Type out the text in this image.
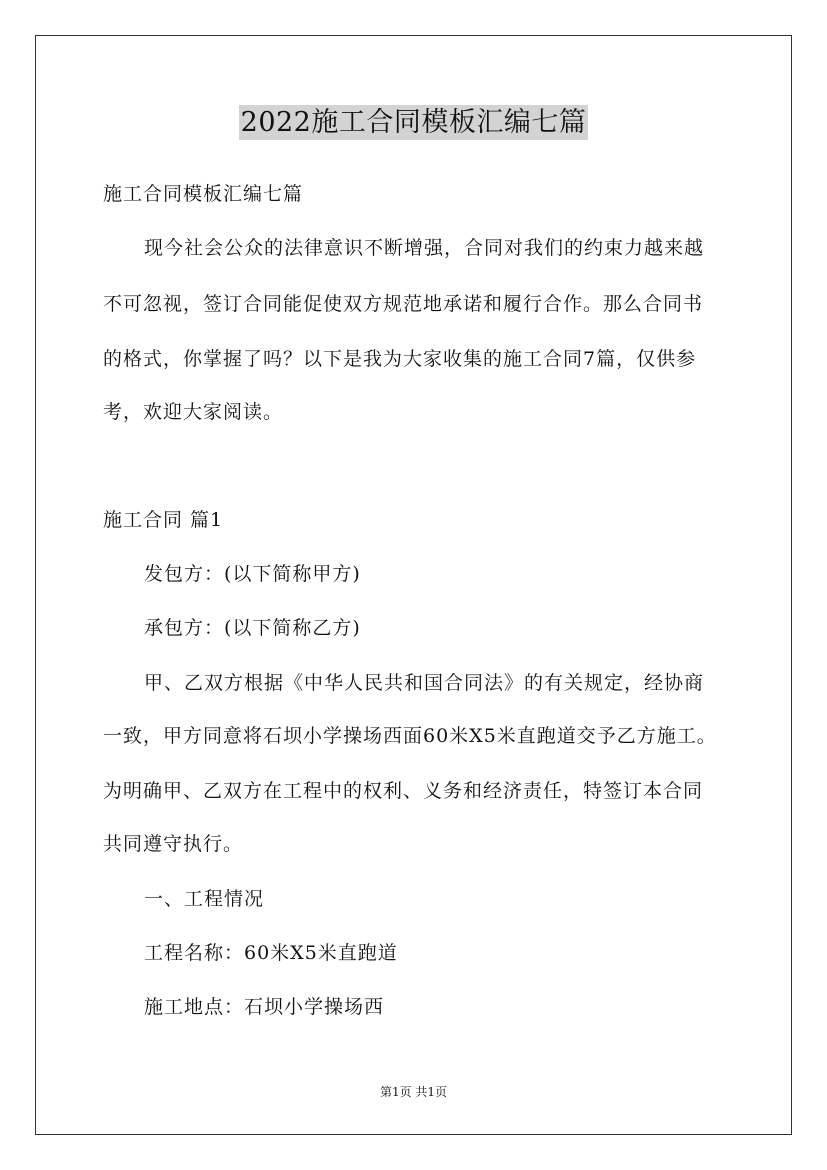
2022施工合同模板汇编七篇
施工合同模板汇编七篇
现今社会公众的法律意识不断增强，合同对我们的约束力越来越
不可忽视，签订合同能促使双方规范地承诺和履行合作。那么合同书
的格式，你掌握了吗？以下是我为大家收集的施工合同7篇，仅供参
考，欢迎大家阅读。
施工合同 篇1
发包方：(以下简称甲方)
承包方：(以下简称乙方)
甲、乙双方根据《中华人民共和国合同法》的有关规定，经协商
一致，甲方同意将石坝小学操场西面60米X5米直跑道交予乙方施工。
为明确甲、乙双方在工程中的权利、义务和经济责任，特签订本合同
共同遵守执行。
一、工程情况
工程名称：60米X5米直跑道
施工地点：石坝小学操场西
第1页 共1页
